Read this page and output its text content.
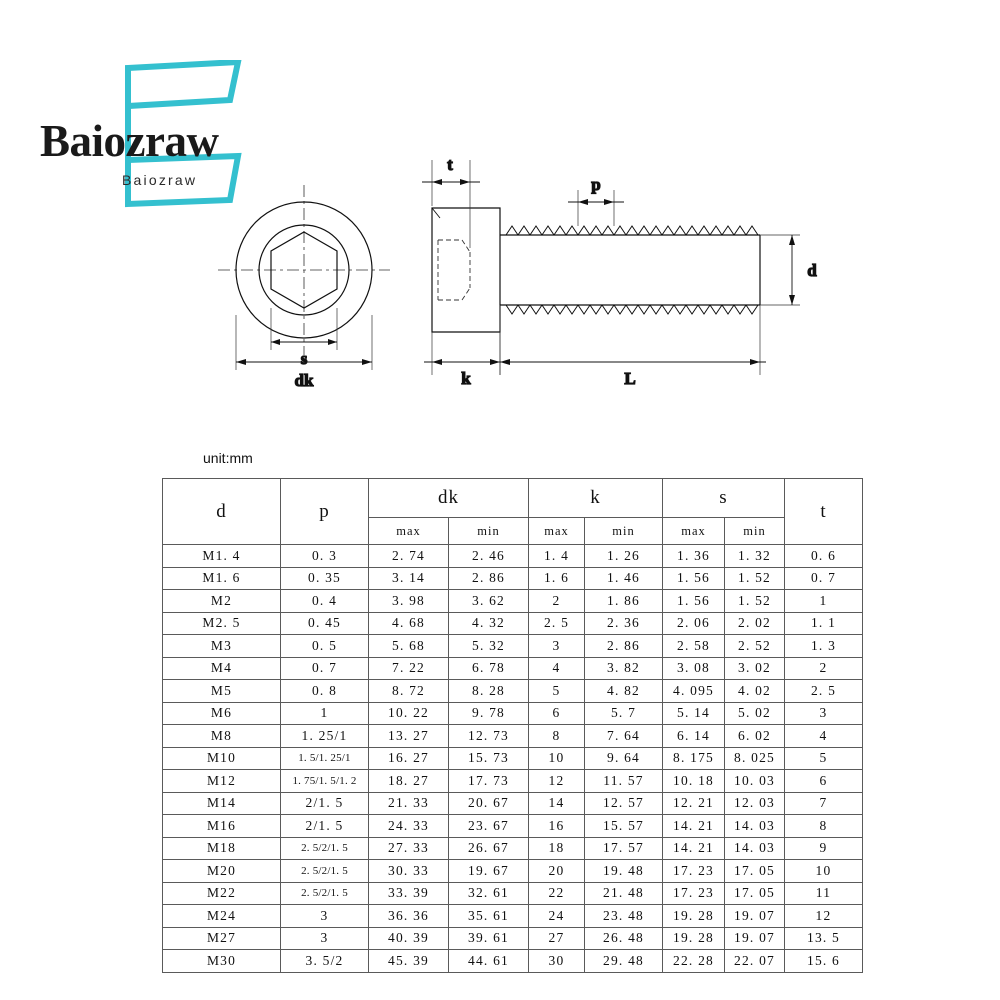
Baiozraw
Baiozraw
s
dk
t
p
d
k	L
unit:mm
d	p	dk		k		s		t
		max	min	max	min	max	min	
M1. 4	0. 3	2. 74	2. 46	1. 4	1. 26	1. 36	1. 32	0. 6
M1. 6	0. 35	3. 14	2. 86	1. 6	1. 46	1. 56	1. 52	0. 7
M2	0. 4	3. 98	3. 62	2	1. 86	1. 56	1. 52	1
M2. 5	0. 45	4. 68	4. 32	2. 5	2. 36	2. 06	2. 02	1. 1
M3	0. 5	5. 68	5. 32	3	2. 86	2. 58	2. 52	1. 3
M4	0. 7	7. 22	6. 78	4	3. 82	3. 08	3. 02	2
M5	0. 8	8. 72	8. 28	5	4. 82	4. 095	4. 02	2. 5
M6	1	10. 22	9. 78	6	5. 7	5. 14	5. 02	3
M8	1. 25/1	13. 27	12. 73	8	7. 64	6. 14	6. 02	4
M10	1. 5/1. 25/1	16. 27	15. 73	10	9. 64	8. 175	8. 025	5
M12	1. 75/1. 5/1. 2	18. 27	17. 73	12	11. 57	10. 18	10. 03	6
M14	2/1. 5	21. 33	20. 67	14	12. 57	12. 21	12. 03	7
M16	2/1. 5	24. 33	23. 67	16	15. 57	14. 21	14. 03	8
M18	2. 5/2/1. 5	27. 33	26. 67	18	17. 57	14. 21	14. 03	9
M20	2. 5/2/1. 5	30. 33	19. 67	20	19. 48	17. 23	17. 05	10
M22	2. 5/2/1. 5	33. 39	32. 61	22	21. 48	17. 23	17. 05	11
M24	3	36. 36	35. 61	24	23. 48	19. 28	19. 07	12
M27	3	40. 39	39. 61	27	26. 48	19. 28	19. 07	13. 5
M30	3. 5/2	45. 39	44. 61	30	29. 48	22. 28	22. 07	15. 6
